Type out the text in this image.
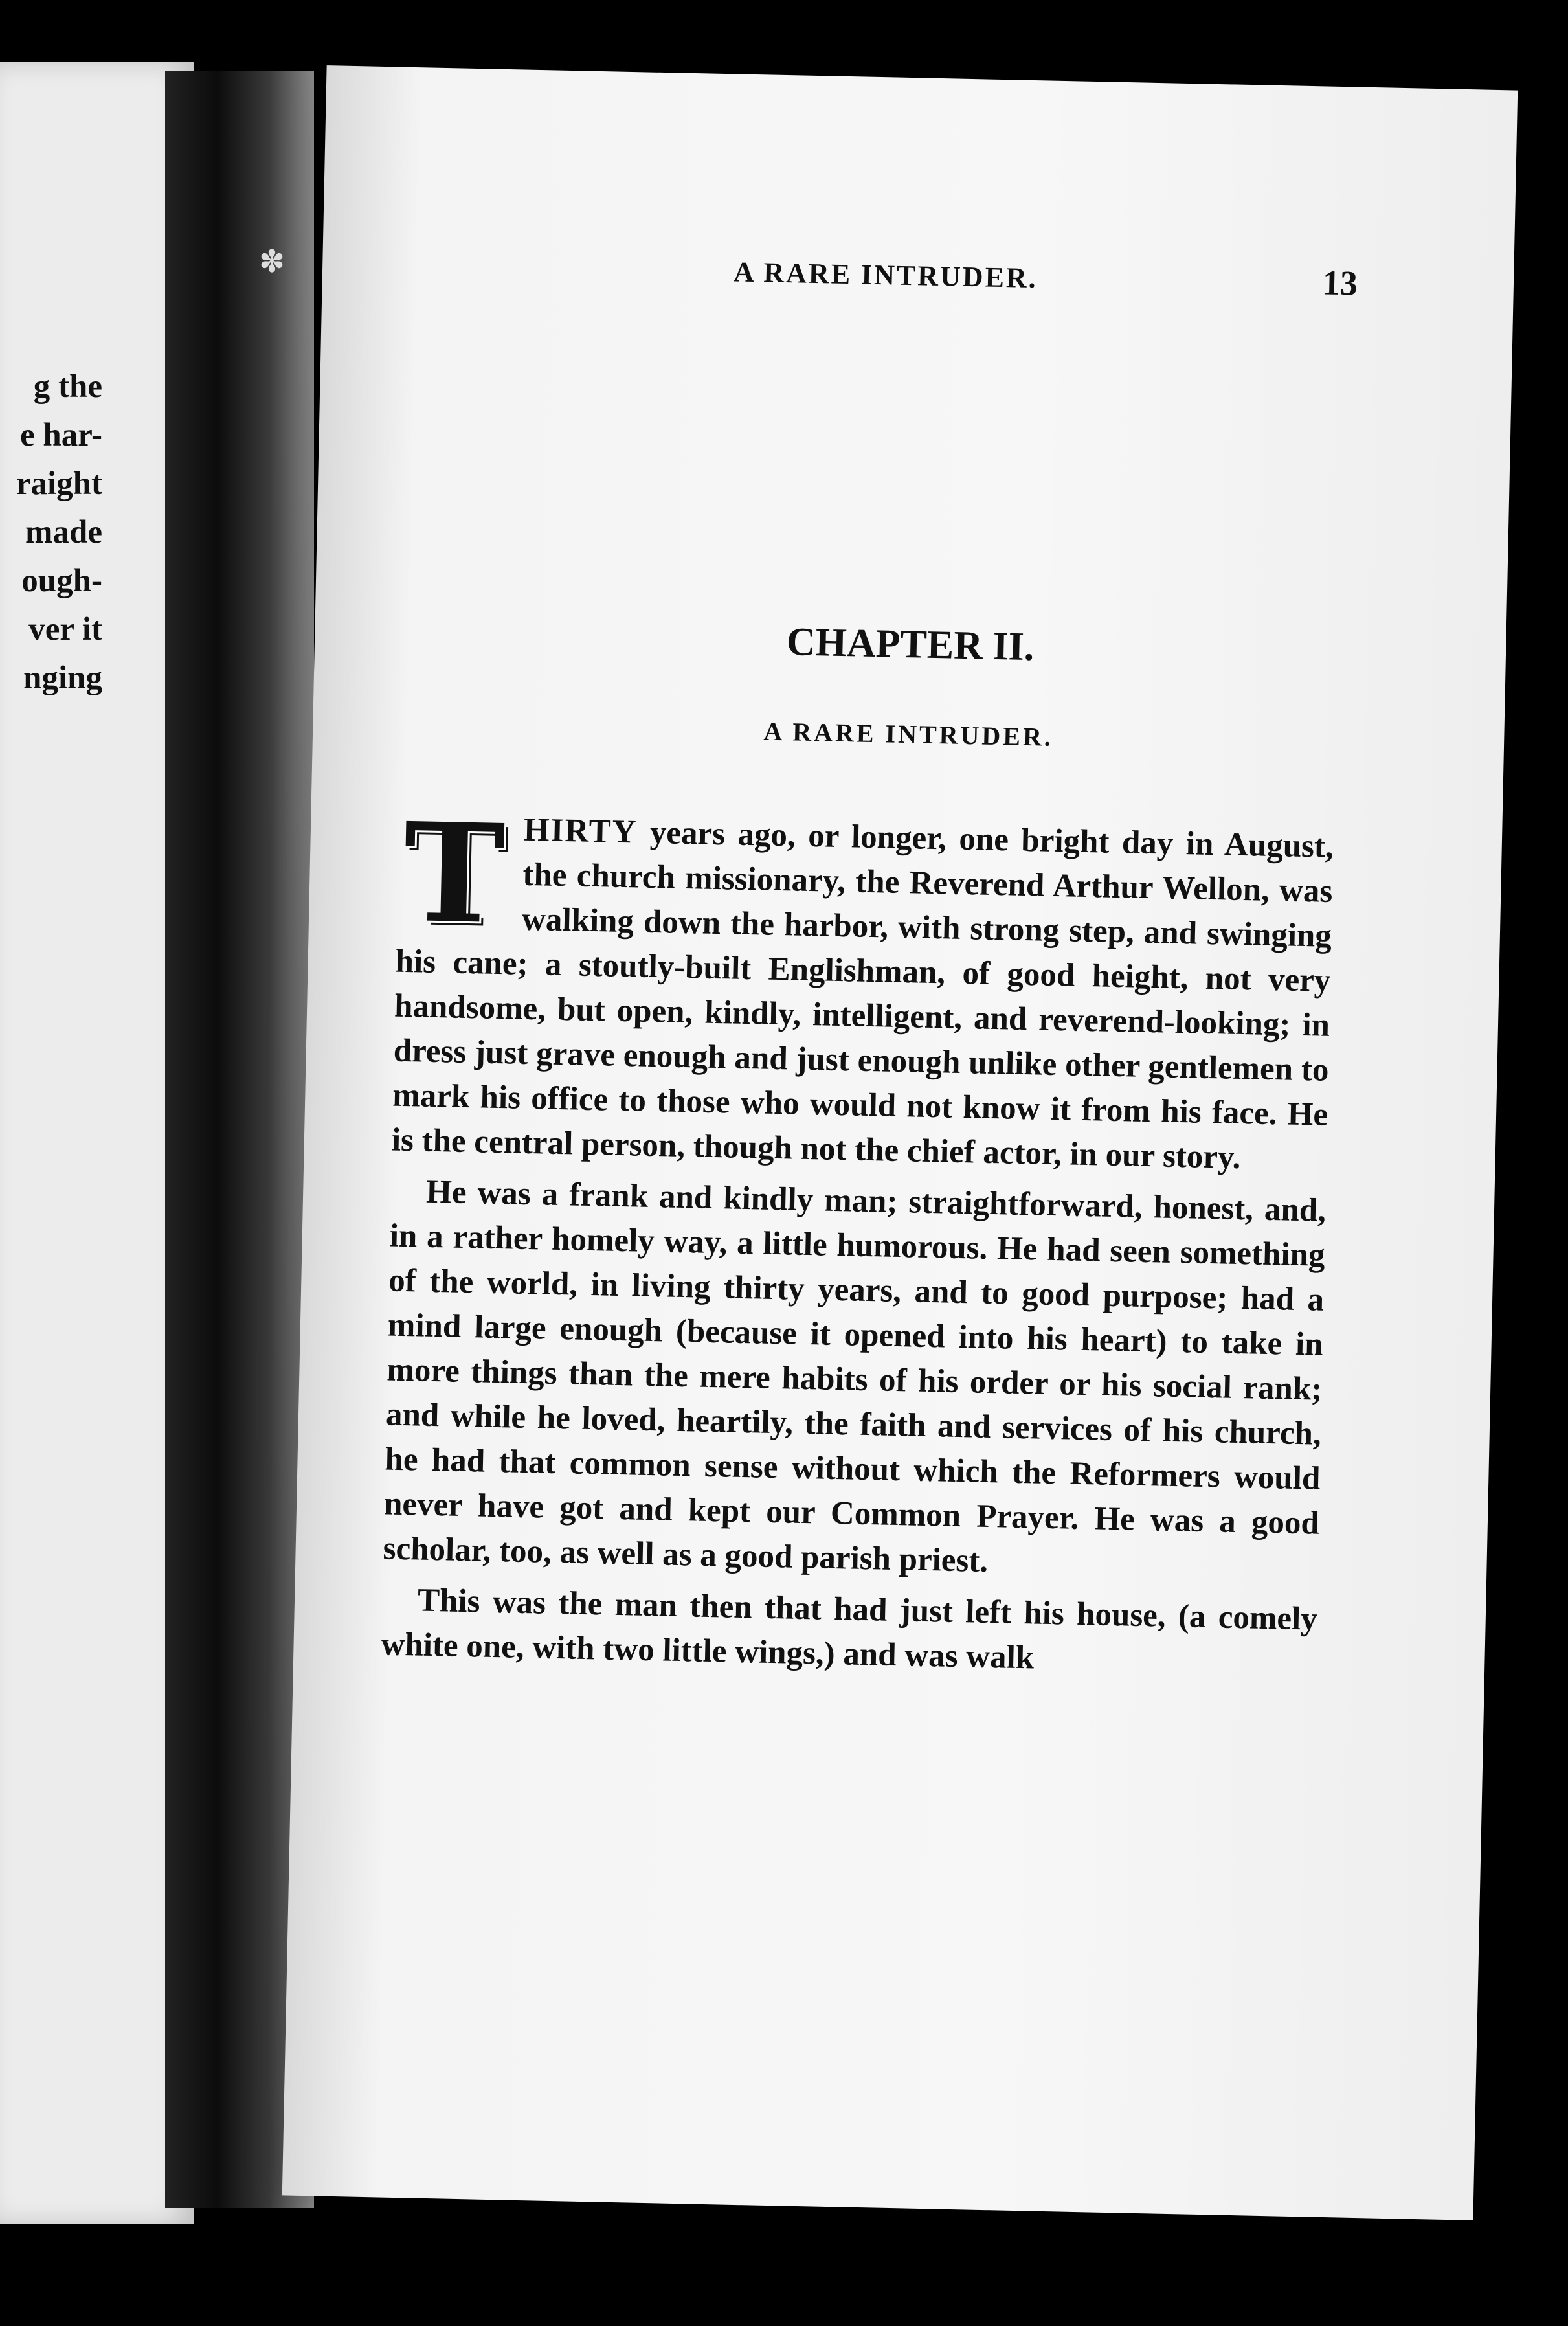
g the
e har-
raight
made
ough-
ver it
nging
✽	A RARE INTRUDER.	13
CHAPTER II.
A RARE INTRUDER.

THIRTY years ago, or longer, one bright day in August, the church missionary, the Reverend Arthur Wellon, was walking down the harbor, with strong step, and swinging his cane; a stoutly-built Englishman, of good height, not very handsome, but open, kindly, intelligent, and reverend-looking; in dress just grave enough and just enough unlike other gentlemen to mark his office to those who would not know it from his face. He is the central person, though not the chief actor, in our story.

He was a frank and kindly man; straightforward, honest, and, in a rather homely way, a little humorous. He had seen something of the world, in living thirty years, and to good purpose; had a mind large enough (because it opened into his heart) to take in more things than the mere habits of his order or his social rank; and while he loved, heartily, the faith and services of his church, he had that common sense without which the Reformers would never have got and kept our Common Prayer. He was a good scholar, too, as well as a good parish priest.

This was the man then that had just left his house, (a comely white one, with two little wings,) and was walk
